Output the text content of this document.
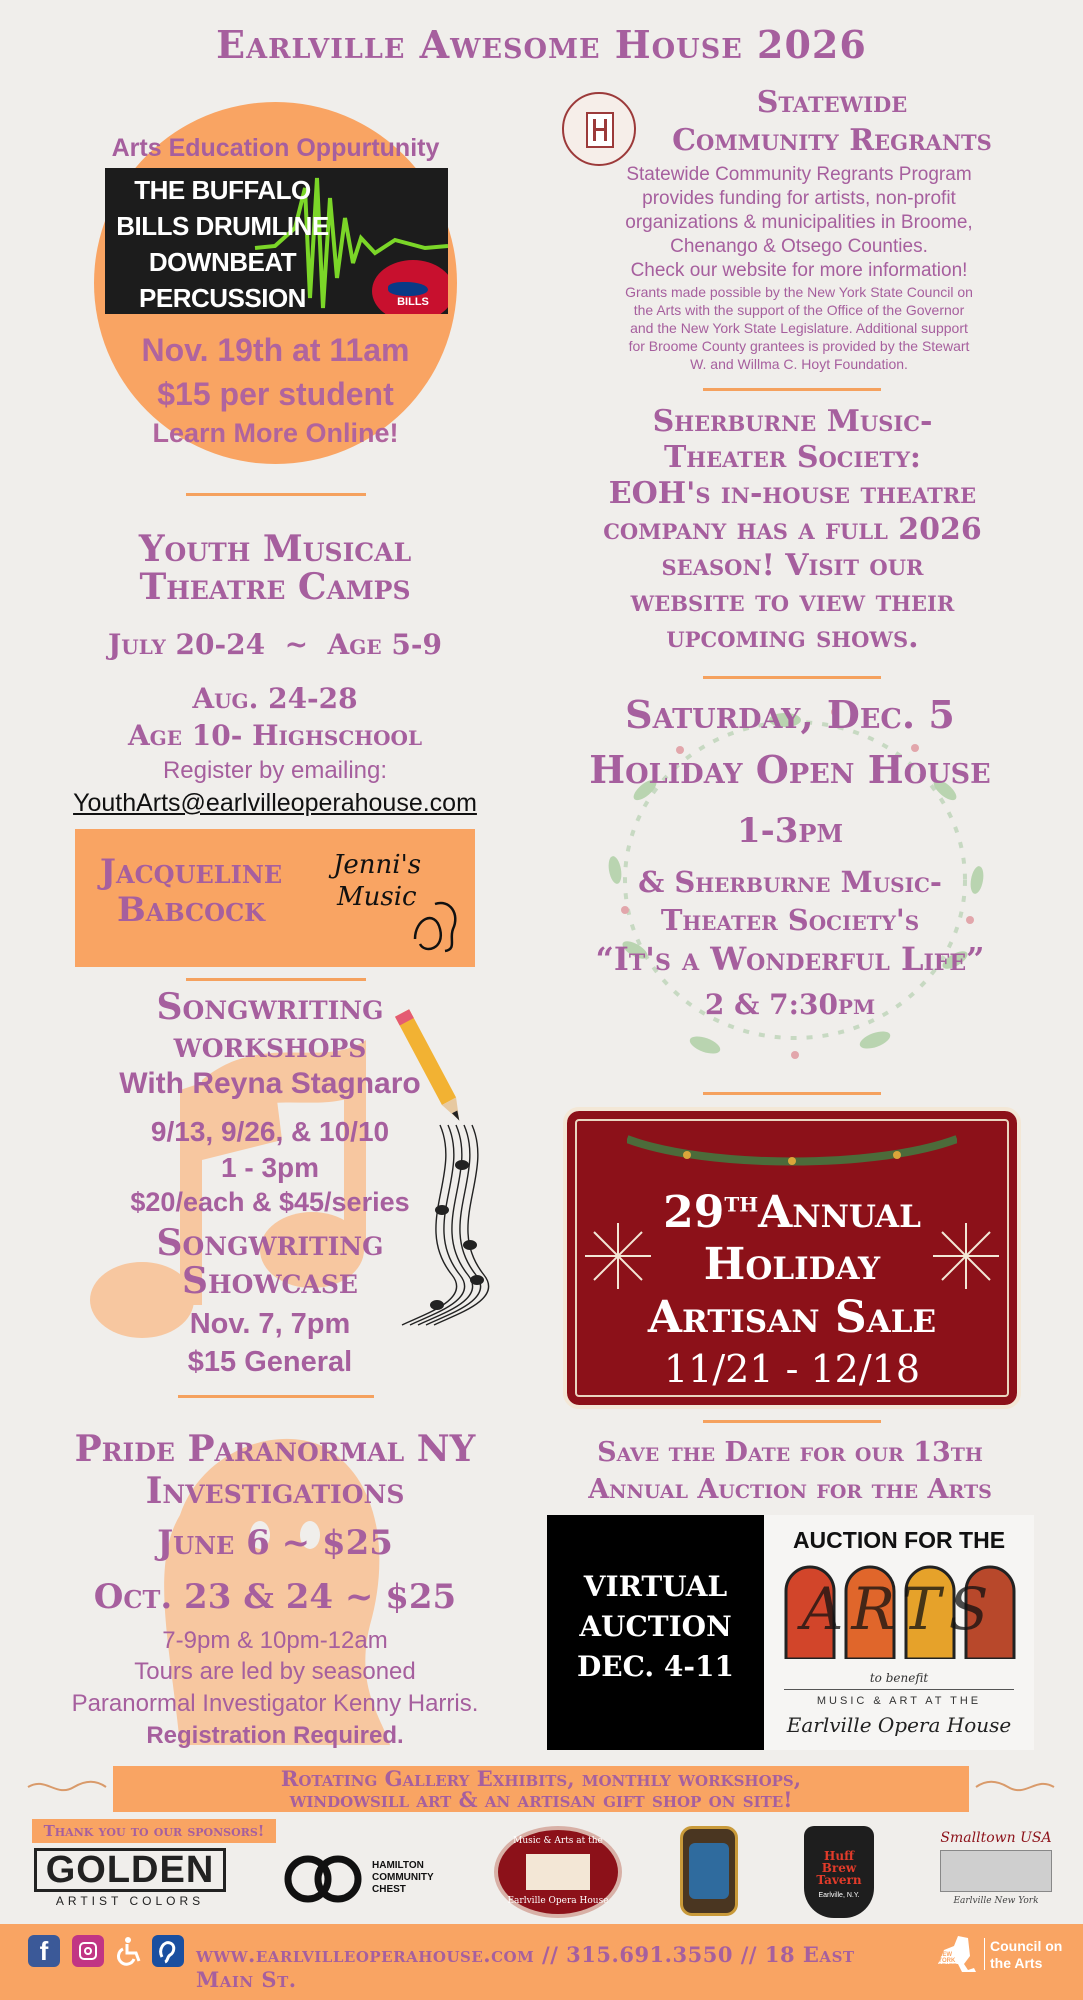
Earlville Awesome House 2026
Arts Education Oppurtunity
THE BUFFALO
BILLS DRUMLINE
DOWNBEAT
PERCUSSION	BILLS
Nov. 19th at 11am
$15 per student
Learn More Online!
Youth Musical
Theatre Camps
July 20-24  ~  Age 5-9
Aug. 24-28
Age 10- Highschool
Register by emailing:
YouthArts@earlvilleoperahouse.com
Jacqueline
Babcock
Jenni's
Music
Songwriting
workshops
With Reyna Stagnaro
9/13, 9/26, & 10/10
1 - 3pm
$20/each & $45/series
Songwriting
Showcase
Nov. 7, 7pm
$15 General
Pride Paranormal NY
Investigations
June 6 ~ $25
Oct. 23 & 24 ~ $25
7-9pm & 10pm-12am
Tours are led by seasoned
Paranormal Investigator Kenny Harris.
Registration Required.
Statewide
Community Regrants
Statewide Community Regrants Program
provides funding for artists, non-profit
organizations & municipalities in Broome,
Chenango & Otsego Counties.
Check our website for more information!
Grants made possible by the New York State Council on
the Arts with the support of the Office of the Governor
and the New York State Legislature. Additional support
for Broome County grantees is provided by the Stewart
W. and Willma C. Hoyt Foundation.
Sherburne Music-
Theater Society:
EOH's in-house theatre
company has a full 2026
season! Visit our
website to view their
upcoming shows.
Saturday, Dec. 5
Holiday Open House
1-3pm
& Sherburne Music-
Theater Society's
“It's a Wonderful Life”
2 & 7:30pm
29THAnnual
Holiday
Artisan Sale
11/21 - 12/18
Save the Date for our 13th
Annual Auction for the Arts
VIRTUAL
AUCTION
DEC. 4-11
AUCTION FOR THE
ARTS
to benefit
MUSIC & ART AT THE
Earlville Opera House
Rotating Gallery Exhibits, monthly workshops,
windowsill art & an artisan gift shop on site!
Thank you to our sponsors!
GOLDEN
ARTIST COLORS
HAMILTON
COMMUNITY
CHEST
Music & Arts at the
Earlville Opera House
Huff
Brew
Tavern
Earlville, N.Y.
Smalltown USA
Earlville New York
f	www.earlvilleoperahouse.com // 315.691.3550 // 18 East Main St.
NEW
YORK
STATE
Council on
the Arts
